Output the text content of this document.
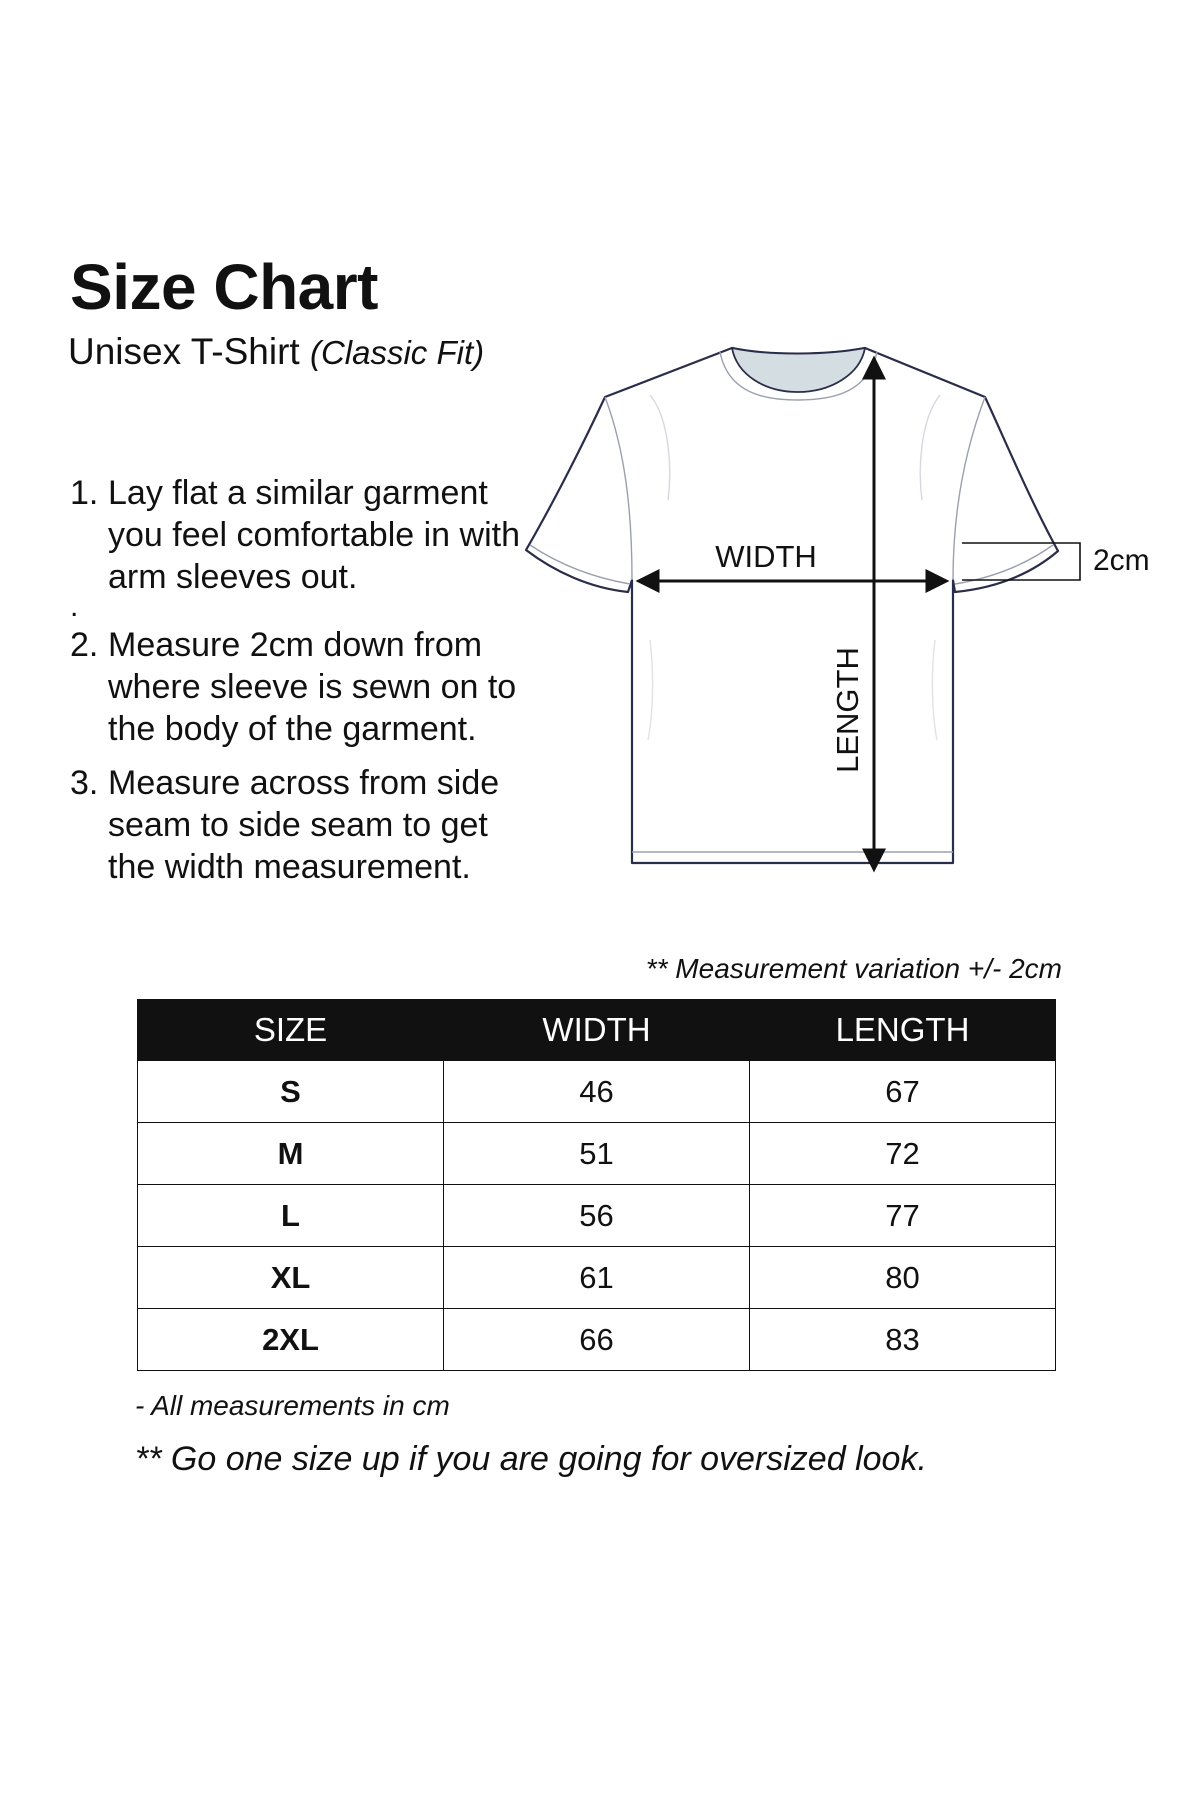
Size Chart
Unisex T-Shirt (Classic Fit)
1. Lay flat a similar garment you feel comfortable in with arm sleeves out.
.
2. Measure 2cm down from where sleeve is sewn on to the body of the garment.
3. Measure across from side seam to side seam to get the width measurement.
WIDTH
LENGTH
2cm
** Measurement variation +/- 2cm
SIZE	WIDTH	LENGTH
S	46	67
M	51	72
L	56	77
XL	61	80
2XL	66	83
- All measurements in cm
** Go one size up if you are going for oversized look.
